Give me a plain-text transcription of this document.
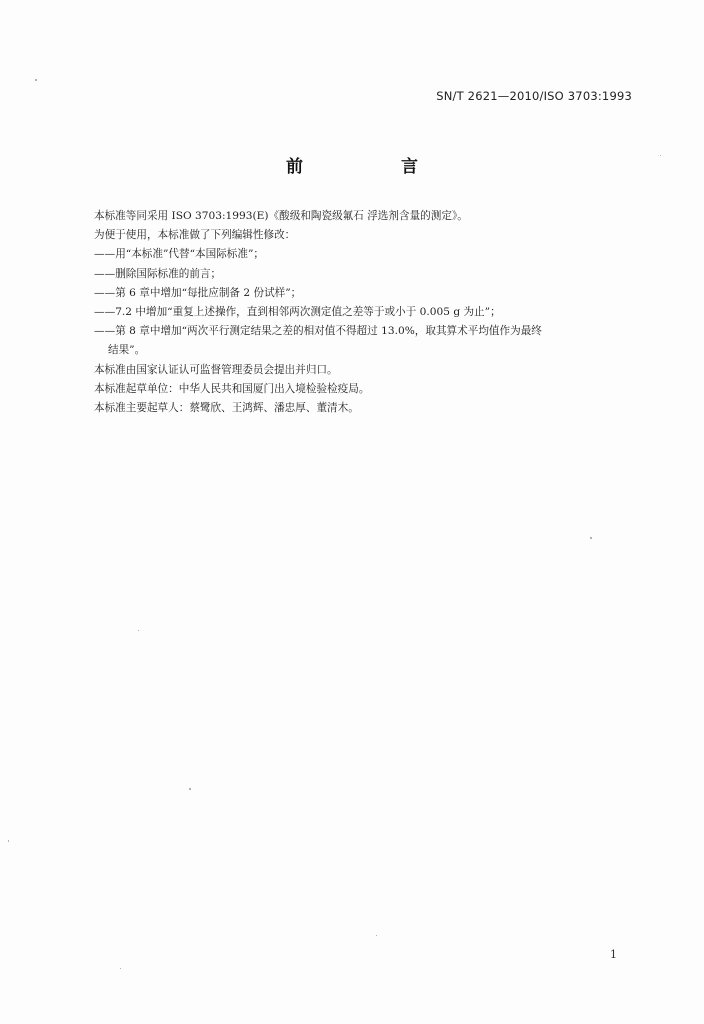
SN/T 2621—2010/ISO 3703:1993
前 言

本标准等同采用 ISO 3703:1993(E)《酸级和陶瓷级氟石 浮选剂含量的测定》。

为便于使用，本标准做了下列编辑性修改：

——用“本标准”代替“本国际标准”；

——删除国际标准的前言；

——第 6 章中增加“每批应制备 2 份试样”；

——7.2 中增加“重复上述操作，直到相邻两次测定值之差等于或小于 0.005 g 为止”；

——第 8 章中增加“两次平行测定结果之差的相对值不得超过 13.0%，取其算术平均值作为最终

结果”。

本标准由国家认证认可监督管理委员会提出并归口。

本标准起草单位：中华人民共和国厦门出入境检验检疫局。

本标准主要起草人：蔡鹭欣、王鸿辉、潘忠厚、董清木。

1
